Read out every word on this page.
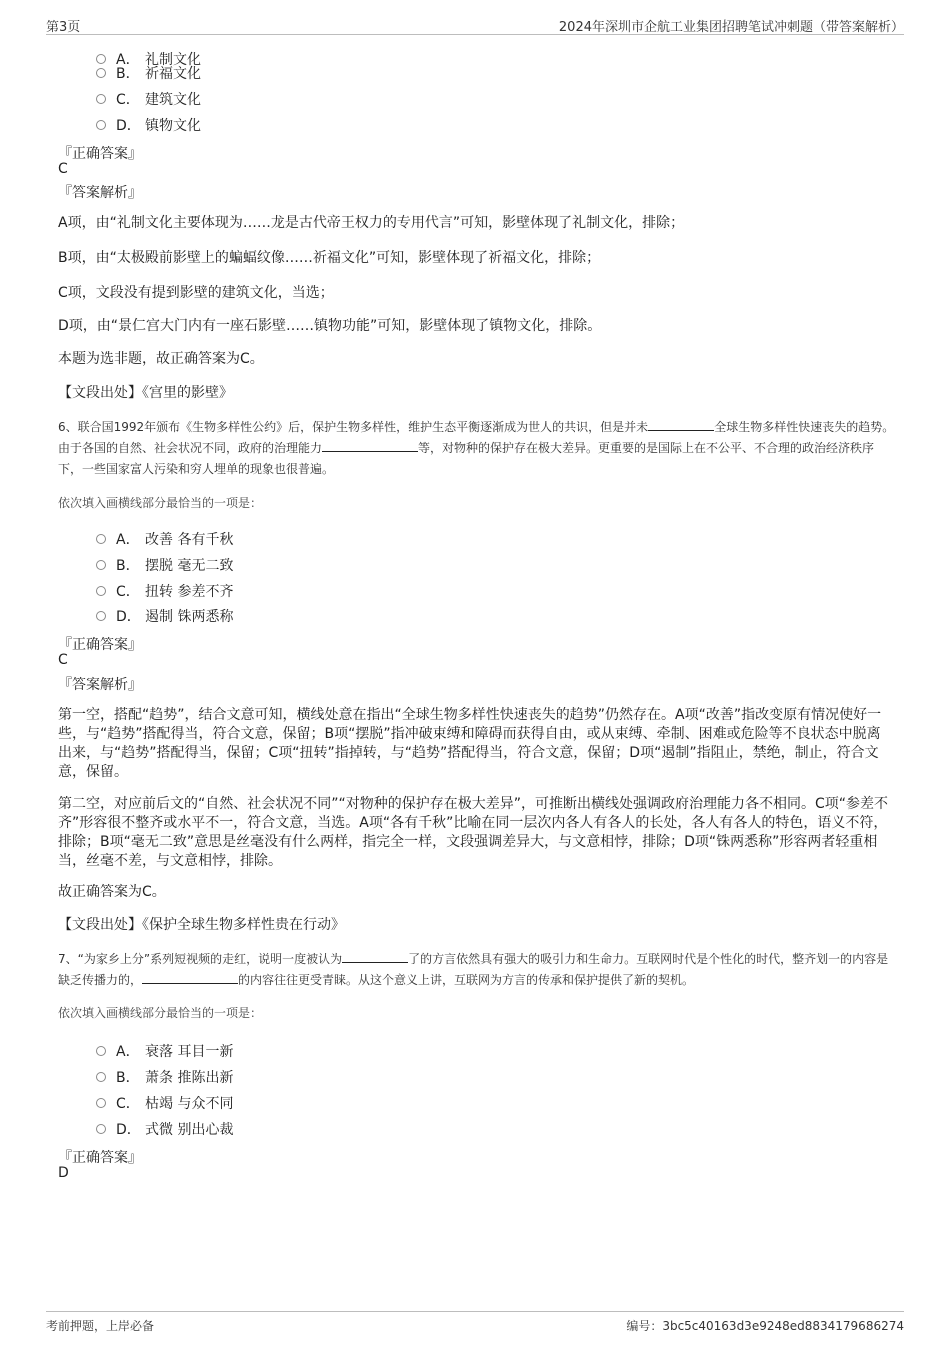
第3页	2024年深圳市企航工业集团招聘笔试冲刺题（带答案解析）
A． 礼制文化
B． 祈福文化
C． 建筑文化
D． 镇物文化
『正确答案』
C
『答案解析』

A项，由“礼制文化主要体现为……龙是古代帝王权力的专用代言”可知，影壁体现了礼制文化，排除；

B项，由“太极殿前影壁上的蝙蝠纹像……祈福文化”可知，影壁体现了祈福文化，排除；

C项，文段没有提到影壁的建筑文化，当选；

D项，由“景仁宫大门内有一座石影壁……镇物功能”可知，影壁体现了镇物文化，排除。

本题为选非题，故正确答案为C。

【文段出处】《宫里的影壁》

6、联合国1992年颁布《生物多样性公约》后，保护生物多样性，维护生态平衡逐渐成为世人的共识，但是并未	全球生物多样性快速丧失的趋势。由于各国的自然、社会状况不同，政府的治理能力	等，对物种的保护存在极大差异。更重要的是国际上在不公平、不合理的政治经济秩序下，一些国家富人污染和穷人埋单的现象也很普遍。

依次填入画横线部分最恰当的一项是：
A． 改善 各有千秋
B． 摆脱 毫无二致
C． 扭转 参差不齐
D． 遏制 铢两悉称
『正确答案』
C
『答案解析』

第一空，搭配“趋势”，结合文意可知，横线处意在指出“全球生物多样性快速丧失的趋势”仍然存在。A项“改善”指改变原有情况使好一些，与“趋势”搭配得当，符合文意，保留；B项“摆脱”指冲破束缚和障碍而获得自由，或从束缚、牵制、困难或危险等不良状态中脱离出来，与“趋势”搭配得当，保留；C项“扭转”指掉转，与“趋势”搭配得当，符合文意，保留；D项“遏制”指阻止，禁绝，制止，符合文意，保留。

第二空，对应前后文的“自然、社会状况不同”“对物种的保护存在极大差异”，可推断出横线处强调政府治理能力各不相同。C项“参差不齐”形容很不整齐或水平不一，符合文意，当选。A项“各有千秋”比喻在同一层次内各人有各人的长处，各人有各人的特色，语义不符，排除；B项“毫无二致”意思是丝毫没有什么两样，指完全一样，文段强调差异大，与文意相悖，排除；D项“铢两悉称”形容两者轻重相当，丝毫不差，与文意相悖，排除。

故正确答案为C。

【文段出处】《保护全球生物多样性贵在行动》

7、“为家乡上分”系列短视频的走红，说明一度被认为	了的方言依然具有强大的吸引力和生命力。互联网时代是个性化的时代，整齐划一的内容是缺乏传播力的，	的内容往往更受青睐。从这个意义上讲，互联网为方言的传承和保护提供了新的契机。

依次填入画横线部分最恰当的一项是：
A． 衰落 耳目一新
B． 萧条 推陈出新
C． 枯竭 与众不同
D． 式微 别出心裁
『正确答案』
D
考前押题，上岸必备	编号：3bc5c40163d3e9248ed8834179686274
